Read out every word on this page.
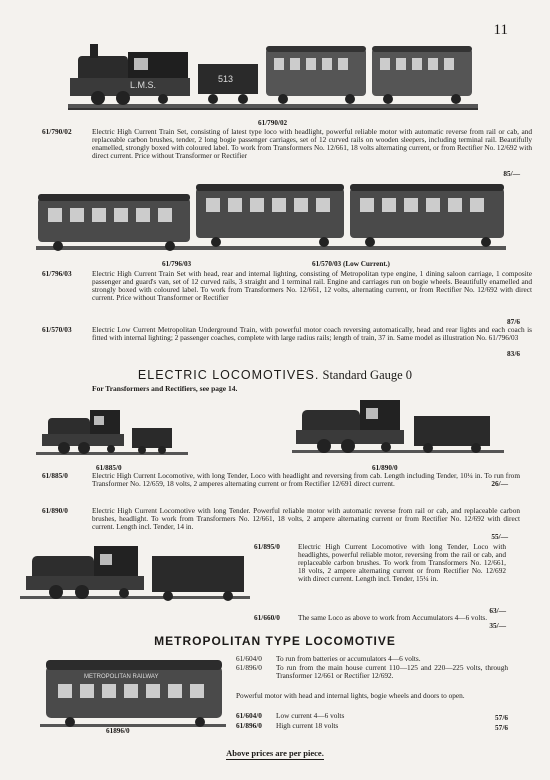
11
L.M.S.
513
61/790/02
61/790/02	Electric High Current Train Set, consisting of latest type loco with headlight, powerful reliable motor with automatic reverse from rail or cab, and replaceable carbon brushes, tender, 2 long bogie passenger carriages, set of 12 curved rails on wooden sleepers, including terminal rail. Beautifully enamelled, strongly boxed with coloured label. To work from Transformers No. 12/661, 18 volts alternating current, or from Rectifier No. 12/692 with direct current. Price without Transformer or Rectifier
85/—
61/796/03	61/570/03 (Low Current.)
61/796/03	Electric High Current Train Set with head, rear and internal lighting, consisting of Metropolitan type engine, 1 dining saloon carriage, 1 composite passenger and guard's van, set of 12 curved rails, 3 straight and 1 terminal rail. Engine and carriages run on bogie wheels. Beautifully enamelled and strongly boxed with coloured label. To work from Transformers No. 12/661, 12 volts, alternating current, or from Rectifier No. 12/692 with direct current. Price without Transformer or Rectifier
87/6
61/570/03	Electric Low Current Metropolitan Underground Train, with powerful motor coach reversing automatically, head and rear lights and each coach is fitted with internal lighting; 2 passenger coaches, complete with large radius rails; length of train, 37 in. Same model as illustration No. 61/796/03
83/6
ELECTRIC LOCOMOTIVES. Standard Gauge 0
For Transformers and Rectifiers, see page 14.
61/885/0	61/890/0
61/885/0	Electric High Current Locomotive, with long Tender, Loco with headlight and reversing from cab. Length including Tender, 10¼ in. To run from Transformer No. 12/659, 18 volts, 2 amperes alternating current or from Rectifier 12/691 direct current.	26/—
61/890/0	Electric High Current Locomotive with long Tender. Powerful reliable motor with automatic reverse from rail or cab, and replaceable carbon brushes, headlight. To work from Transformers No. 12/661, 18 volts, 2 ampere alternating current or from Rectifier No. 12/692 with direct current. Length incl. Tender, 14 in.
55/—
61/895/0 Electric High Current Locomotive with long Tender, Loco with headlights, powerful reliable motor, reversing from the rail or cab, and replaceable carbon brushes. To work from Transformers No. 12/661, 18 volts, 2 ampere alternating current or from Rectifier No. 12/692 with direct current. Length incl. Tender, 15¼ in.
63/—
61/660/0 The same Loco as above to work from Accumulators 4—6 volts.
35/—
METROPOLITAN TYPE LOCOMOTIVE
METROPOLITAN RAILWAY
61896/0
61/604/0 To run from batteries or accumulators 4—6 volts.
61/896/0 To run from the main house current 110—125 and 220—225 volts, through Transformer 12/661 or Rectifier 12/692.
Powerful motor with head and internal lights, bogie wheels and doors to open.
61/604/0 Low current 4—6 volts	57/6
61/896/0 High current 18 volts	57/6
Above prices are per piece.
